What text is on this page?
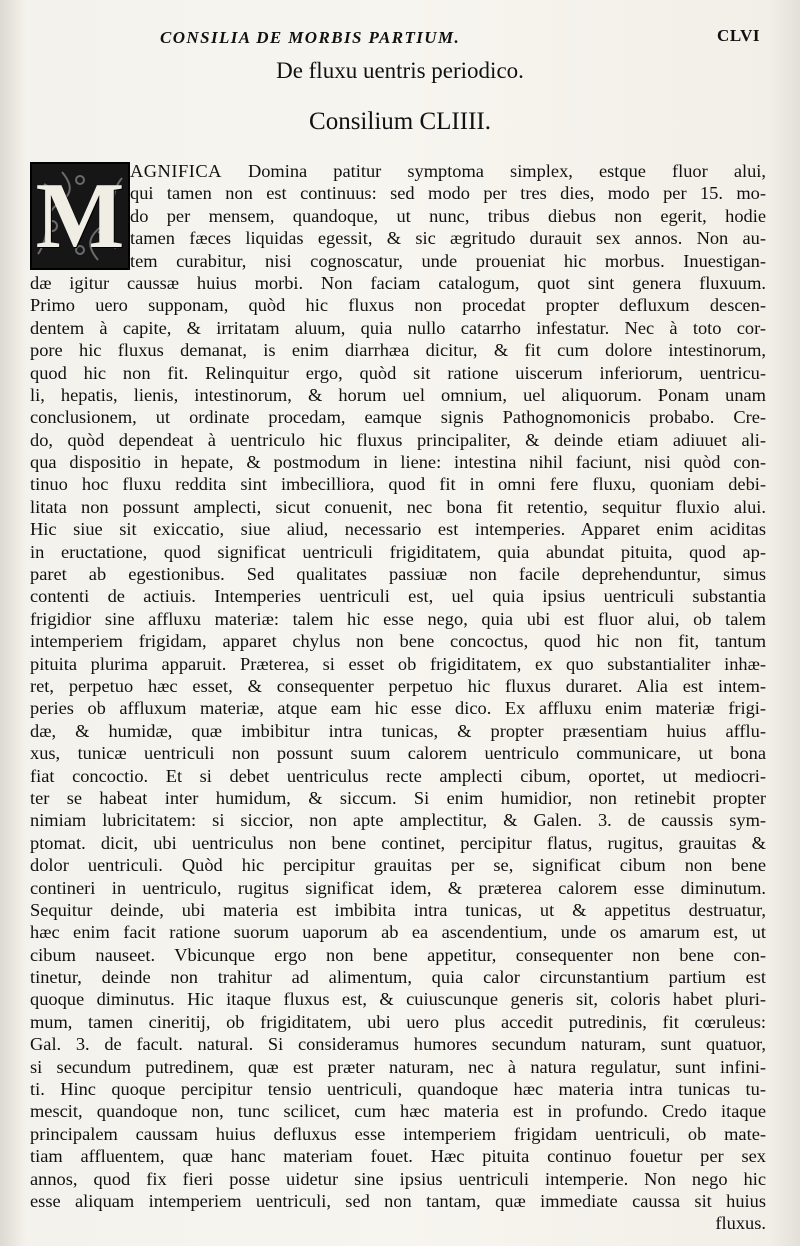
CONSILIA DE MORBIS PARTIUM.	CLVI
De fluxu uentris periodico.
Consilium CLIIII.
M AGNIFICA Domina patitur symptoma simplex, estque fluor alui,
qui tamen non est continuus: sed modo per tres dies, modo per 15. mo-
do per mensem, quandoque, ut nunc, tribus diebus non egerit, hodie
tamen fæces liquidas egessit, & sic ægritudo durauit sex annos. Non au-
tem curabitur, nisi cognoscatur, unde proueniat hic morbus. Inuestigan-
dæ igitur caussæ huius morbi. Non faciam catalogum, quot sint genera fluxuum.
Primo uero supponam, quòd hic fluxus non procedat propter defluxum descen-
dentem à capite, & irritatam aluum, quia nullo catarrho infestatur. Nec à toto cor-
pore hic fluxus demanat, is enim diarrhæa dicitur, & fit cum dolore intestinorum,
quod hic non fit. Relinquitur ergo, quòd sit ratione uiscerum inferiorum, uentricu-
li, hepatis, lienis, intestinorum, & horum uel omnium, uel aliquorum. Ponam unam
conclusionem, ut ordinate procedam, eamque signis Pathognomonicis probabo. Cre-
do, quòd dependeat à uentriculo hic fluxus principaliter, & deinde etiam adiuuet ali-
qua dispositio in hepate, & postmodum in liene: intestina nihil faciunt, nisi quòd con-
tinuo hoc fluxu reddita sint imbecilliora, quod fit in omni fere fluxu, quoniam debi-
litata non possunt amplecti, sicut conuenit, nec bona fit retentio, sequitur fluxio alui.
Hic siue sit exiccatio, siue aliud, necessario est intemperies. Apparet enim aciditas
in eructatione, quod significat uentriculi frigiditatem, quia abundat pituita, quod ap-
paret ab egestionibus. Sed qualitates passiuæ non facile deprehenduntur, simus
contenti de actiuis. Intemperies uentriculi est, uel quia ipsius uentriculi substantia
frigidior sine affluxu materiæ: talem hic esse nego, quia ubi est fluor alui, ob talem
intemperiem frigidam, apparet chylus non bene concoctus, quod hic non fit, tantum
pituita plurima apparuit. Præterea, si esset ob frigiditatem, ex quo substantialiter inhæ-
ret, perpetuo hæc esset, & consequenter perpetuo hic fluxus duraret. Alia est intem-
peries ob affluxum materiæ, atque eam hic esse dico. Ex affluxu enim materiæ frigi-
dæ, & humidæ, quæ imbibitur intra tunicas, & propter præsentiam huius afflu-
xus, tunicæ uentriculi non possunt suum calorem uentriculo communicare, ut bona
fiat concoctio. Et si debet uentriculus recte amplecti cibum, oportet, ut mediocri-
ter se habeat inter humidum, & siccum. Si enim humidior, non retinebit propter
nimiam lubricitatem: si siccior, non apte amplectitur, & Galen. 3. de caussis sym-
ptomat. dicit, ubi uentriculus non bene continet, percipitur flatus, rugitus, grauitas &
dolor uentriculi. Quòd hic percipitur grauitas per se, significat cibum non bene
contineri in uentriculo, rugitus significat idem, & præterea calorem esse diminutum.
Sequitur deinde, ubi materia est imbibita intra tunicas, ut & appetitus destruatur,
hæc enim facit ratione suorum uaporum ab ea ascendentium, unde os amarum est, ut
cibum nauseet. Vbicunque ergo non bene appetitur, consequenter non bene con-
tinetur, deinde non trahitur ad alimentum, quia calor circunstantium partium est
quoque diminutus. Hic itaque fluxus est, & cuiuscunque generis sit, coloris habet pluri-
mum, tamen cineritij, ob frigiditatem, ubi uero plus accedit putredinis, fit cœruleus:
Gal. 3. de facult. natural. Si consideramus humores secundum naturam, sunt quatuor,
si secundum putredinem, quæ est præter naturam, nec à natura regulatur, sunt infini-
ti. Hinc quoque percipitur tensio uentriculi, quandoque hæc materia intra tunicas tu-
mescit, quandoque non, tunc scilicet, cum hæc materia est in profundo. Credo itaque
principalem caussam huius defluxus esse intemperiem frigidam uentriculi, ob mate-
tiam affluentem, quæ hanc materiam fouet. Hæc pituita continuo fouetur per sex
annos, quod fix fieri posse uidetur sine ipsius uentriculi intemperie. Non nego hic
esse aliquam intemperiem uentriculi, sed non tantam, quæ immediate caussa sit huius
fluxus.
